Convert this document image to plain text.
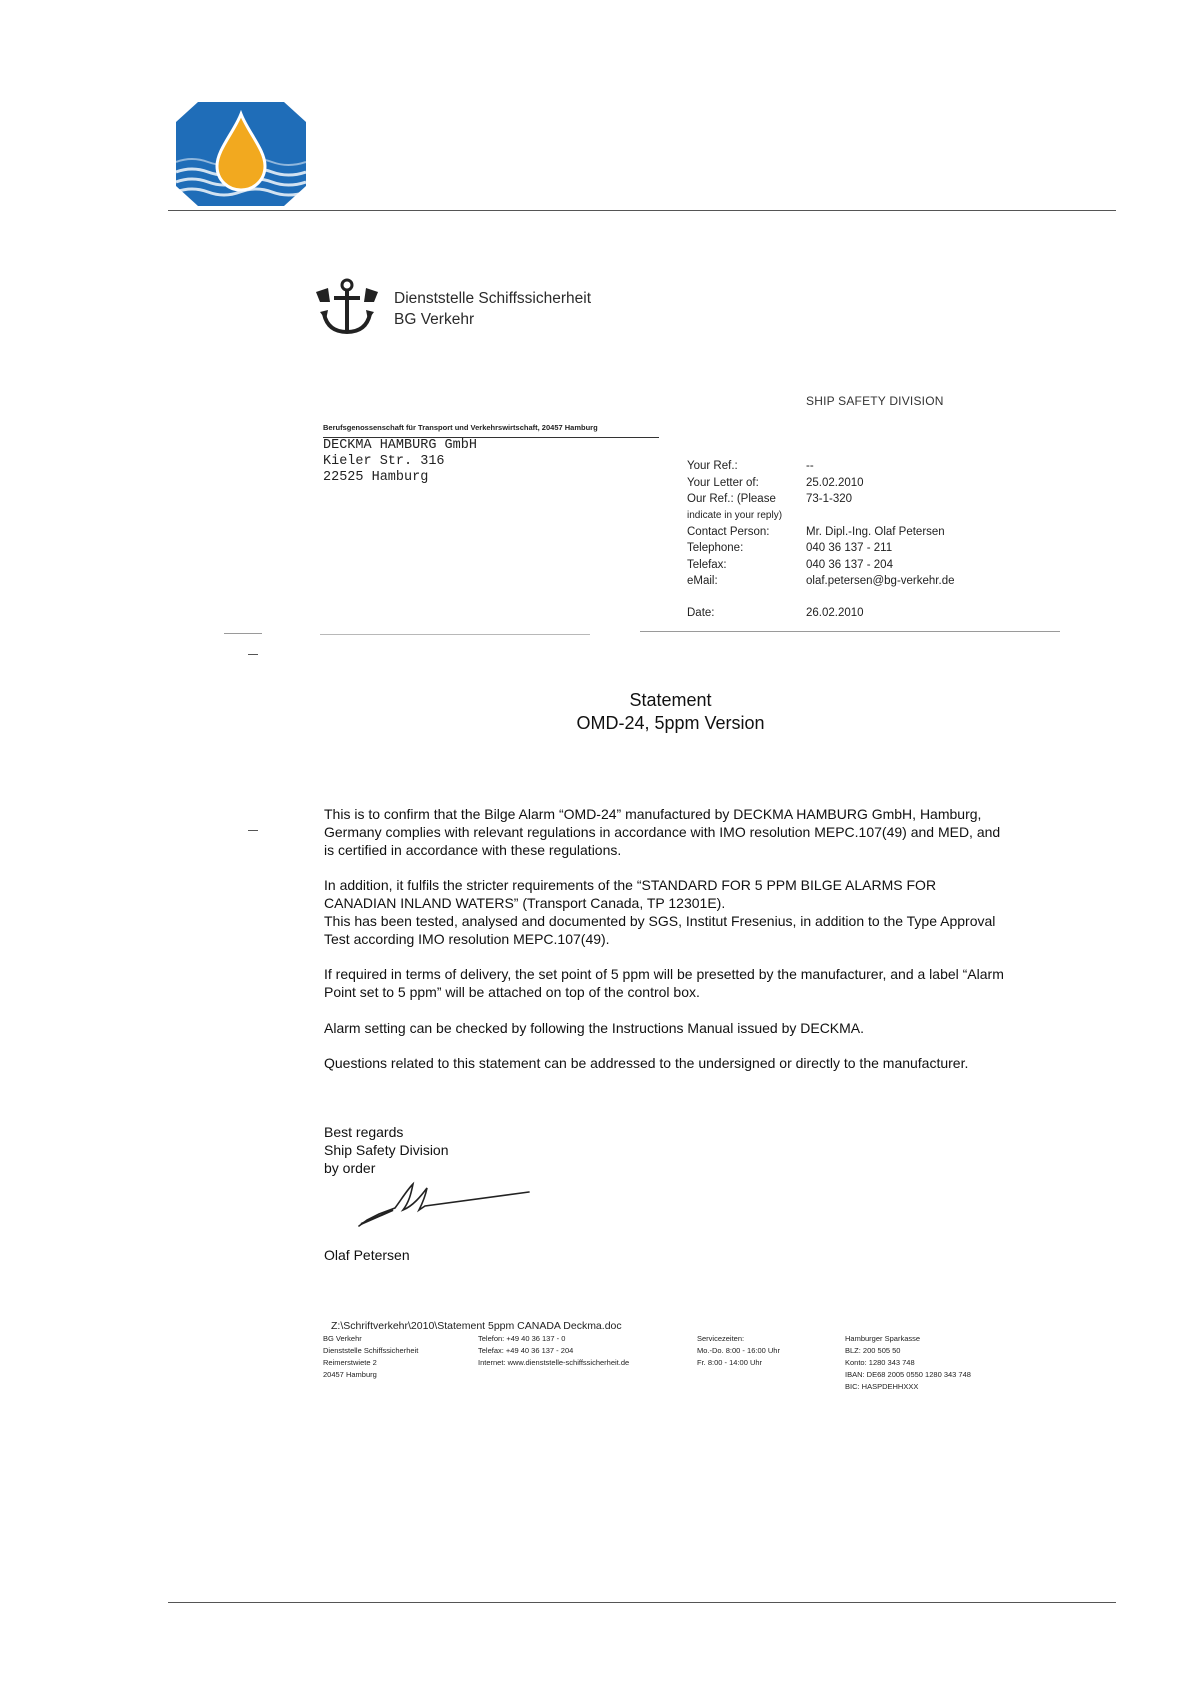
Dienststelle Schiffssicherheit
BG Verkehr
SHIP SAFETY DIVISION
Berufsgenossenschaft für Transport und Verkehrswirtschaft, 20457 Hamburg
DECKMA HAMBURG GmbH
Kieler Str. 316
22525 Hamburg
Your Ref.:	--
Your Letter of:	25.02.2010
Our Ref.: (Please	73-1-320
indicate in your reply)
Contact Person:	Mr. Dipl.-Ing. Olaf Petersen
Telephone:	040 36 137 - 211
Telefax:	040 36 137 - 204
eMail:	olaf.petersen@bg-verkehr.de
Date:	26.02.2010
Statement
OMD-24, 5ppm Version
This is to confirm that the Bilge Alarm “OMD-24” manufactured by DECKMA HAMBURG GmbH, Hamburg, Germany complies with relevant regulations in accordance with IMO resolution MEPC.107(49) and MED, and is certified in accordance with these regulations.
In addition, it fulfils the stricter requirements of the “STANDARD FOR 5 PPM BILGE ALARMS FOR CANADIAN INLAND WATERS” (Transport Canada, TP 12301E).
This has been tested, analysed and documented by SGS, Institut Fresenius, in addition to the Type Approval Test according IMO resolution MEPC.107(49).
If required in terms of delivery, the set point of 5 ppm will be presetted by the manufacturer, and a label “Alarm Point set to 5 ppm” will be attached on top of the control box.
Alarm setting can be checked by following the Instructions Manual issued by DECKMA.
Questions related to this statement can be addressed to the undersigned or directly to the manufacturer.
Best regards
Ship Safety Division
by order
Olaf Petersen
Z:\Schriftverkehr\2010\Statement 5ppm CANADA Deckma.doc
BG Verkehr
Dienststelle Schiffssicherheit
Reimerstwiete 2
20457 Hamburg
Telefon: +49 40 36 137 - 0
Telefax: +49 40 36 137 - 204
Internet: www.dienststelle-schiffssicherheit.de
Servicezeiten:
Mo.-Do. 8:00 - 16:00 Uhr
Fr. 8:00 - 14:00 Uhr
Hamburger Sparkasse
BLZ: 200 505 50
Konto: 1280 343 748
IBAN: DE68 2005 0550 1280 343 748
BIC: HASPDEHHXXX
